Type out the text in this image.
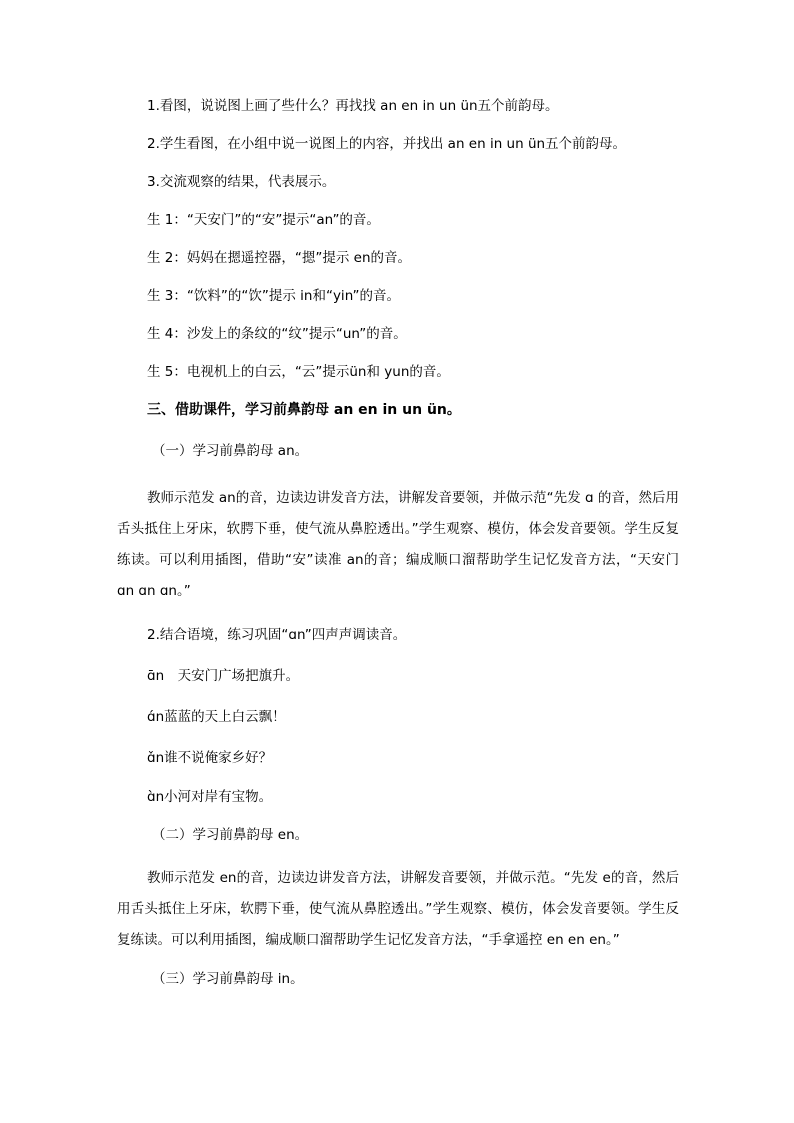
1.看图，说说图上画了些什么？再找找 an en in un ün五个前韵母。
2.学生看图，在小组中说一说图上的内容，并找出 an en in un ün五个前韵母。
3.交流观察的结果，代表展示。
生 1：“天安门”的“安”提示“an”的音。
生 2：妈妈在摁遥控器，“摁”提示 en的音。
生 3：“饮料”的“饮”提示 in和“yin”的音。
生 4：沙发上的条纹的“纹”提示“un”的音。
生 5：电视机上的白云，“云”提示ün和 yun的音。
三、借助课件，学习前鼻韵母 an en in un ün。
（一）学习前鼻韵母 an。
教师示范发 an的音，边读边讲发音方法，讲解发音要领，并做示范“先发 ɑ 的音，然后用舌头抵住上牙床，软腭下垂，使气流从鼻腔透出。”学生观察、模仿，体会发音要领。学生反复练读。可以利用插图，借助“安”读准 an的音；编成顺口溜帮助学生记忆发音方法，“天安门 ɑn ɑn ɑn。”
2.结合语境，练习巩固“ɑn”四声声调读音。
ɑ̄n　天安门广场把旗升。
ɑ́n蓝蓝的天上白云飘！
ɑ̌n谁不说俺家乡好？
ɑ̀n小河对岸有宝物。
（二）学习前鼻韵母 en。
教师示范发 en的音，边读边讲发音方法，讲解发音要领，并做示范。“先发 e的音，然后用舌头抵住上牙床，软腭下垂，使气流从鼻腔透出。”学生观察、模仿，体会发音要领。学生反复练读。可以利用插图，编成顺口溜帮助学生记忆发音方法，“手拿遥控 en en en。”
（三）学习前鼻韵母 in。
